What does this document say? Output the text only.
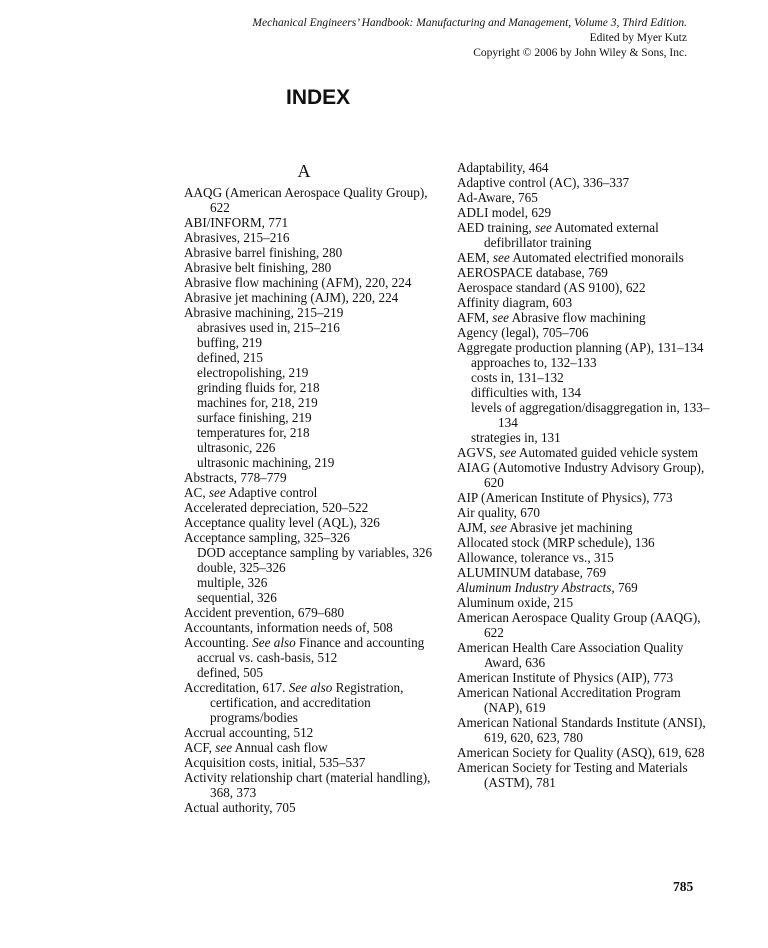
Mechanical Engineers’ Handbook: Manufacturing and Management, Volume 3, Third Edition.
Edited by Myer Kutz
Copyright © 2006 by John Wiley & Sons, Inc.
INDEX
A
AAQG (American Aerospace Quality Group), 622
ABI/INFORM, 771
Abrasives, 215–216
Abrasive barrel finishing, 280
Abrasive belt finishing, 280
Abrasive flow machining (AFM), 220, 224
Abrasive jet machining (AJM), 220, 224
Abrasive machining, 215–219
abrasives used in, 215–216
buffing, 219
defined, 215
electropolishing, 219
grinding fluids for, 218
machines for, 218, 219
surface finishing, 219
temperatures for, 218
ultrasonic, 226
ultrasonic machining, 219
Abstracts, 778–779
AC, see Adaptive control
Accelerated depreciation, 520–522
Acceptance quality level (AQL), 326
Acceptance sampling, 325–326
DOD acceptance sampling by variables, 326
double, 325–326
multiple, 326
sequential, 326
Accident prevention, 679–680
Accountants, information needs of, 508
Accounting. See also Finance and accounting
accrual vs. cash-basis, 512
defined, 505
Accreditation, 617. See also Registration, certification, and accreditation programs/bodies
Accrual accounting, 512
ACF, see Annual cash flow
Acquisition costs, initial, 535–537
Activity relationship chart (material handling), 368, 373
Actual authority, 705
Adaptability, 464
Adaptive control (AC), 336–337
Ad-Aware, 765
ADLI model, 629
AED training, see Automated external defibrillator training
AEM, see Automated electrified monorails
AEROSPACE database, 769
Aerospace standard (AS 9100), 622
Affinity diagram, 603
AFM, see Abrasive flow machining
Agency (legal), 705–706
Aggregate production planning (AP), 131–134
approaches to, 132–133
costs in, 131–132
difficulties with, 134
levels of aggregation/disaggregation in, 133–134
strategies in, 131
AGVS, see Automated guided vehicle system
AIAG (Automotive Industry Advisory Group), 620
AIP (American Institute of Physics), 773
Air quality, 670
AJM, see Abrasive jet machining
Allocated stock (MRP schedule), 136
Allowance, tolerance vs., 315
ALUMINUM database, 769
Aluminum Industry Abstracts, 769
Aluminum oxide, 215
American Aerospace Quality Group (AAQG), 622
American Health Care Association Quality Award, 636
American Institute of Physics (AIP), 773
American National Accreditation Program (NAP), 619
American National Standards Institute (ANSI), 619, 620, 623, 780
American Society for Quality (ASQ), 619, 628
American Society for Testing and Materials (ASTM), 781
785
